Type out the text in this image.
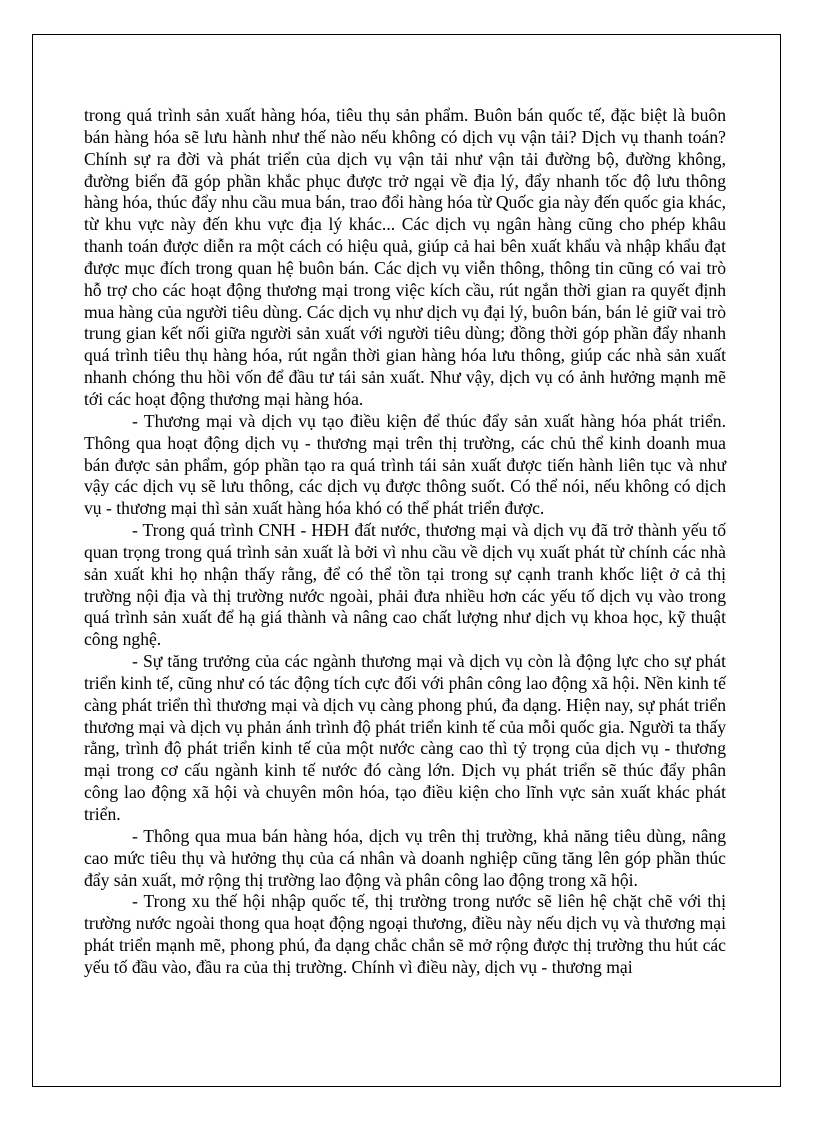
trong quá trình sản xuất hàng hóa, tiêu thụ sản phẩm. Buôn bán quốc tế, đặc biệt là buôn bán hàng hóa sẽ lưu hành như thế nào nếu không có dịch vụ vận tải? Dịch vụ thanh toán? Chính sự ra đời và phát triển của dịch vụ vận tải như vận tải đường bộ, đường không, đường biển đã góp phần khắc phục được trở ngại về địa lý, đẩy nhanh tốc độ lưu thông hàng hóa, thúc đẩy nhu cầu mua bán, trao đổi hàng hóa từ Quốc gia này đến quốc gia khác, từ khu vực này đến khu vực địa lý khác... Các dịch vụ ngân hàng cũng cho phép khâu thanh toán được diễn ra một cách có hiệu quả, giúp cả hai bên xuất khẩu và nhập khẩu đạt được mục đích trong quan hệ buôn bán. Các dịch vụ viễn thông, thông tin cũng có vai trò hỗ trợ cho các hoạt động thương mại trong việc kích cầu, rút ngắn thời gian ra quyết định mua hàng của người tiêu dùng. Các dịch vụ như dịch vụ đại lý, buôn bán, bán lẻ giữ vai trò trung gian kết nối giữa người sản xuất với người tiêu dùng; đồng thời góp phần đẩy nhanh quá trình tiêu thụ hàng hóa, rút ngắn thời gian hàng hóa lưu thông, giúp các nhà sản xuất nhanh chóng thu hồi vốn để đầu tư tái sản xuất. Như vậy, dịch vụ có ảnh hưởng mạnh mẽ tới các hoạt động thương mại hàng hóa.

- Thương mại và dịch vụ tạo điều kiện để thúc đẩy sản xuất hàng hóa phát triển. Thông qua hoạt động dịch vụ - thương mại trên thị trường, các chủ thể kinh doanh mua bán được sản phẩm, góp phần tạo ra quá trình tái sản xuất được tiến hành liên tục và như vậy các dịch vụ sẽ lưu thông, các dịch vụ được thông suốt. Có thể nói, nếu không có dịch vụ - thương mại thì sản xuất hàng hóa khó có thể phát triển được.

- Trong quá trình CNH - HĐH đất nước, thương mại và dịch vụ đã trở thành yếu tố quan trọng trong quá trình sản xuất là bởi vì nhu cầu về dịch vụ xuất phát từ chính các nhà sản xuất khi họ nhận thấy rằng, để có thể tồn tại trong sự cạnh tranh khốc liệt ở cả thị trường nội địa và thị trường nước ngoài, phải đưa nhiều hơn các yếu tố dịch vụ vào trong quá trình sản xuất để hạ giá thành và nâng cao chất lượng như dịch vụ khoa học, kỹ thuật công nghệ.

- Sự tăng trưởng của các ngành thương mại và dịch vụ còn là động lực cho sự phát triển kinh tế, cũng như có tác động tích cực đối với phân công lao động xã hội. Nền kinh tế càng phát triển thì thương mại và dịch vụ càng phong phú, đa dạng. Hiện nay, sự phát triển thương mại và dịch vụ phản ánh trình độ phát triển kinh tế của mỗi quốc gia. Người ta thấy rằng, trình độ phát triển kinh tế của một nước càng cao thì tỷ trọng của dịch vụ - thương mại trong cơ cấu ngành kinh tế nước đó càng lớn. Dịch vụ phát triển sẽ thúc đẩy phân công lao động xã hội và chuyên môn hóa, tạo điều kiện cho lĩnh vực sản xuất khác phát triển.

- Thông qua mua bán hàng hóa, dịch vụ trên thị trường, khả năng tiêu dùng, nâng cao mức tiêu thụ và hưởng thụ của cá nhân và doanh nghiệp cũng tăng lên góp phần thúc đẩy sản xuất, mở rộng thị trường lao động và phân công lao động trong xã hội.

- Trong xu thế hội nhập quốc tế, thị trường trong nước sẽ liên hệ chặt chẽ với thị trường nước ngoài thong qua hoạt động ngoại thương, điều này nếu dịch vụ và thương mại phát triển mạnh mẽ, phong phú, đa dạng chắc chắn sẽ mở rộng được thị trường thu hút các yếu tố đầu vào, đầu ra của thị trường. Chính vì điều này, dịch vụ - thương mại
